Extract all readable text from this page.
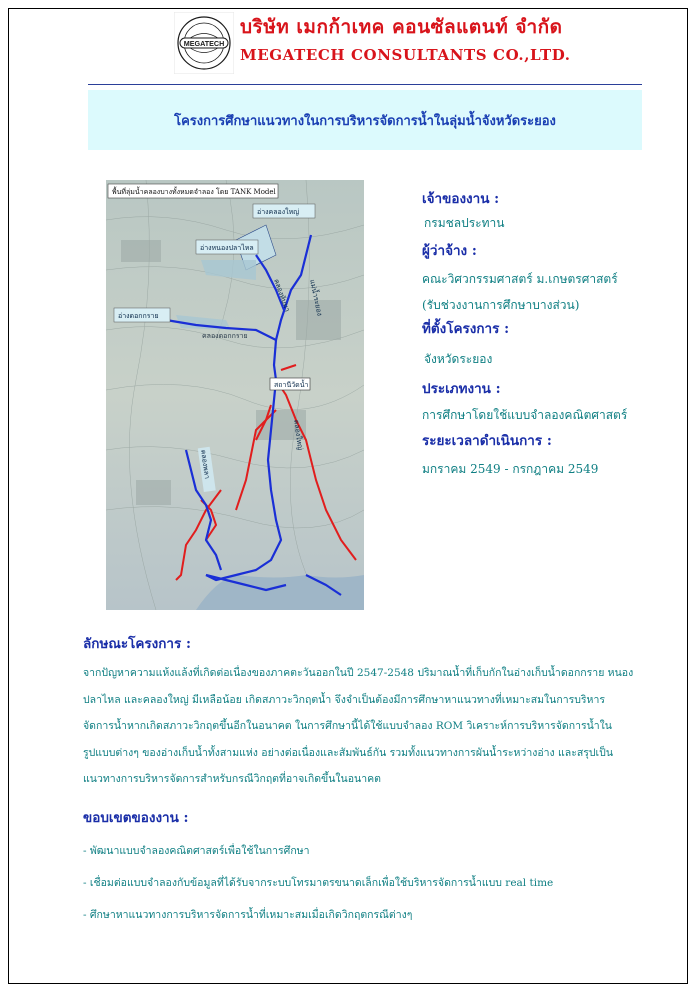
MEGATECH
บริษัท เมกก้าเทค คอนซัลแตนท์ จำกัด
MEGATECH CONSULTANTS CO.,LTD.
โครงการศึกษาแนวทางในการบริหารจัดการน้ำในลุ่มน้ำจังหวัดระยอง
พื้นที่ลุ่มน้ำคลองบางทั้งหมดจำลอง โดย TANK Model
อ่างคลองใหญ่
อ่างหนองปลาไหล
อ่างดอกกราย
สถานีวัดน้ำ
คลองดอกกราย
คลองพลา
คลองใหญ่
คลองทับมา แม่น้ำระยอง

เจ้าของงาน :

กรมชลประทาน

ผู้ว่าจ้าง :

คณะวิศวกรรมศาสตร์ ม.เกษตรศาสตร์

(รับช่วงงานการศึกษาบางส่วน)

ที่ตั้งโครงการ :

จังหวัดระยอง

ประเภทงาน :

การศึกษาโดยใช้แบบจำลองคณิตศาสตร์

ระยะเวลาดำเนินการ :

มกราคม 2549 - กรกฎาคม 2549

ลักษณะโครงการ :

จากปัญหาความแห้งแล้งที่เกิดต่อเนื่องของภาคตะวันออกในปี 2547-2548 ปริมาณน้ำที่เก็บกักในอ่างเก็บน้ำดอกกราย หนอง

ปลาไหล และคลองใหญ่ มีเหลือน้อย เกิดสภาวะวิกฤตน้ำ จึงจำเป็นต้องมีการศึกษาหาแนวทางที่เหมาะสมในการบริหาร

จัดการน้ำหากเกิดสภาวะวิกฤตขึ้นอีกในอนาคต ในการศึกษานี้ได้ใช้แบบจำลอง ROM วิเคราะห์การบริหารจัดการน้ำใน

รูปแบบต่างๆ ของอ่างเก็บน้ำทั้งสามแห่ง อย่างต่อเนื่องและสัมพันธ์กัน รวมทั้งแนวทางการผันน้ำระหว่างอ่าง และสรุปเป็น

แนวทางการบริหารจัดการสำหรับกรณีวิกฤตที่อาจเกิดขึ้นในอนาคต

ขอบเขตของงาน :
- พัฒนาแบบจำลองคณิตศาสตร์เพื่อใช้ในการศึกษา
- เชื่อมต่อแบบจำลองกับข้อมูลที่ได้รับจากระบบโทรมาตรขนาดเล็กเพื่อใช้บริหารจัดการน้ำแบบ real time
- ศึกษาหาแนวทางการบริหารจัดการน้ำที่เหมาะสมเมื่อเกิดวิกฤตกรณีต่างๆ
